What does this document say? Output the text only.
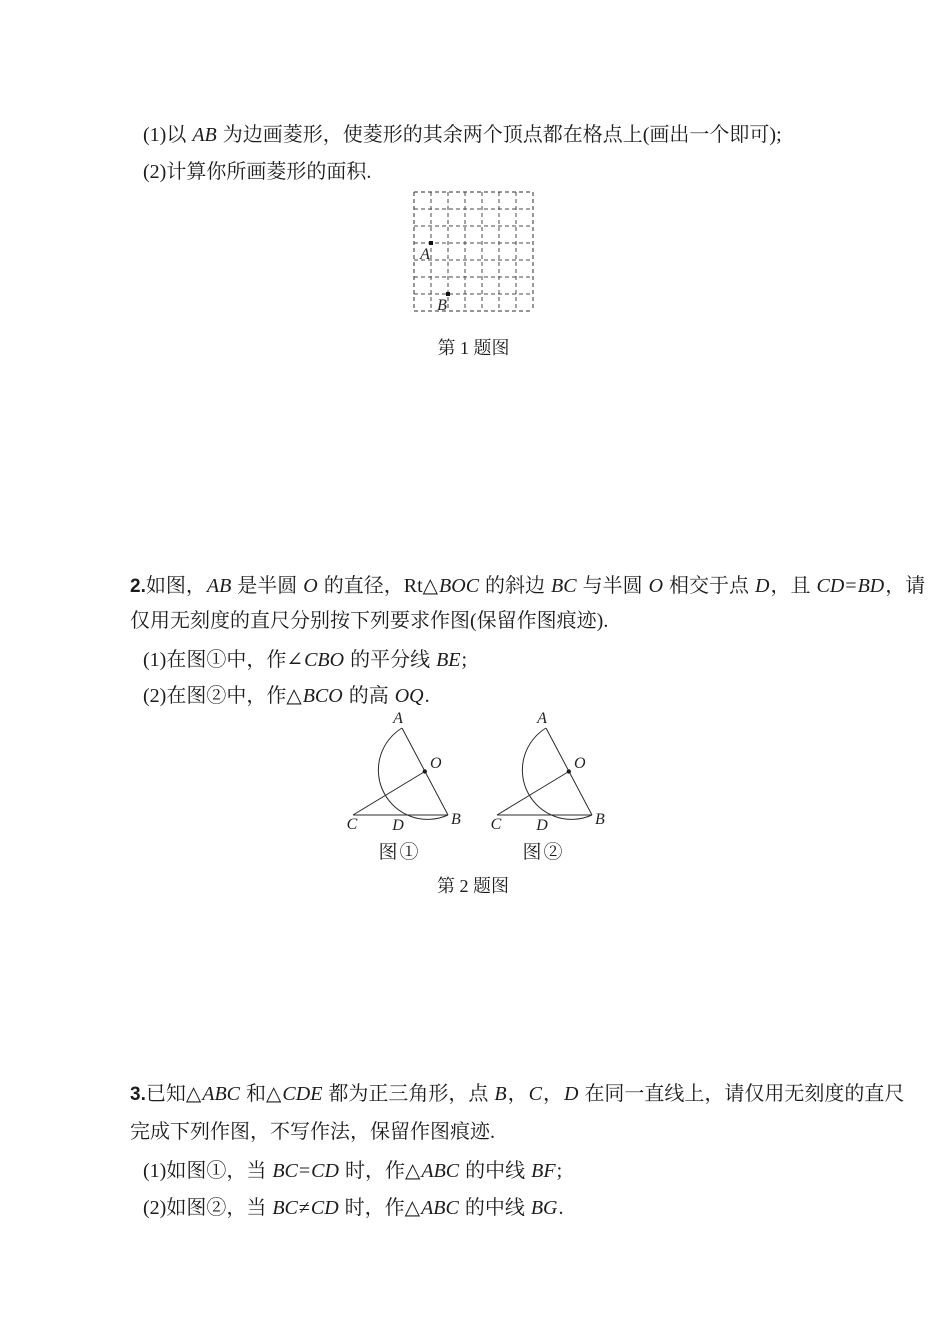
(1)以 AB 为边画菱形，使菱形的其余两个顶点都在格点上(画出一个即可);
(2)计算你所画菱形的面积.
A
B
第 1 题图
2.如图，AB 是半圆 O 的直径，Rt△BOC 的斜边 BC 与半圆 O 相交于点 D，且 CD=BD，请
仅用无刻度的直尺分别按下列要求作图(保留作图痕迹).
(1)在图①中，作∠CBO 的平分线 BE;
(2)在图②中，作△BCO 的高 OQ.
A
O
B
C D
图①
A
O
B
C D
图②
第 2 题图
3.已知△ABC 和△CDE 都为正三角形，点 B，C，D 在同一直线上，请仅用无刻度的直尺
完成下列作图，不写作法，保留作图痕迹.
(1)如图①，当 BC=CD 时，作△ABC 的中线 BF;
(2)如图②，当 BC≠CD 时，作△ABC 的中线 BG.
